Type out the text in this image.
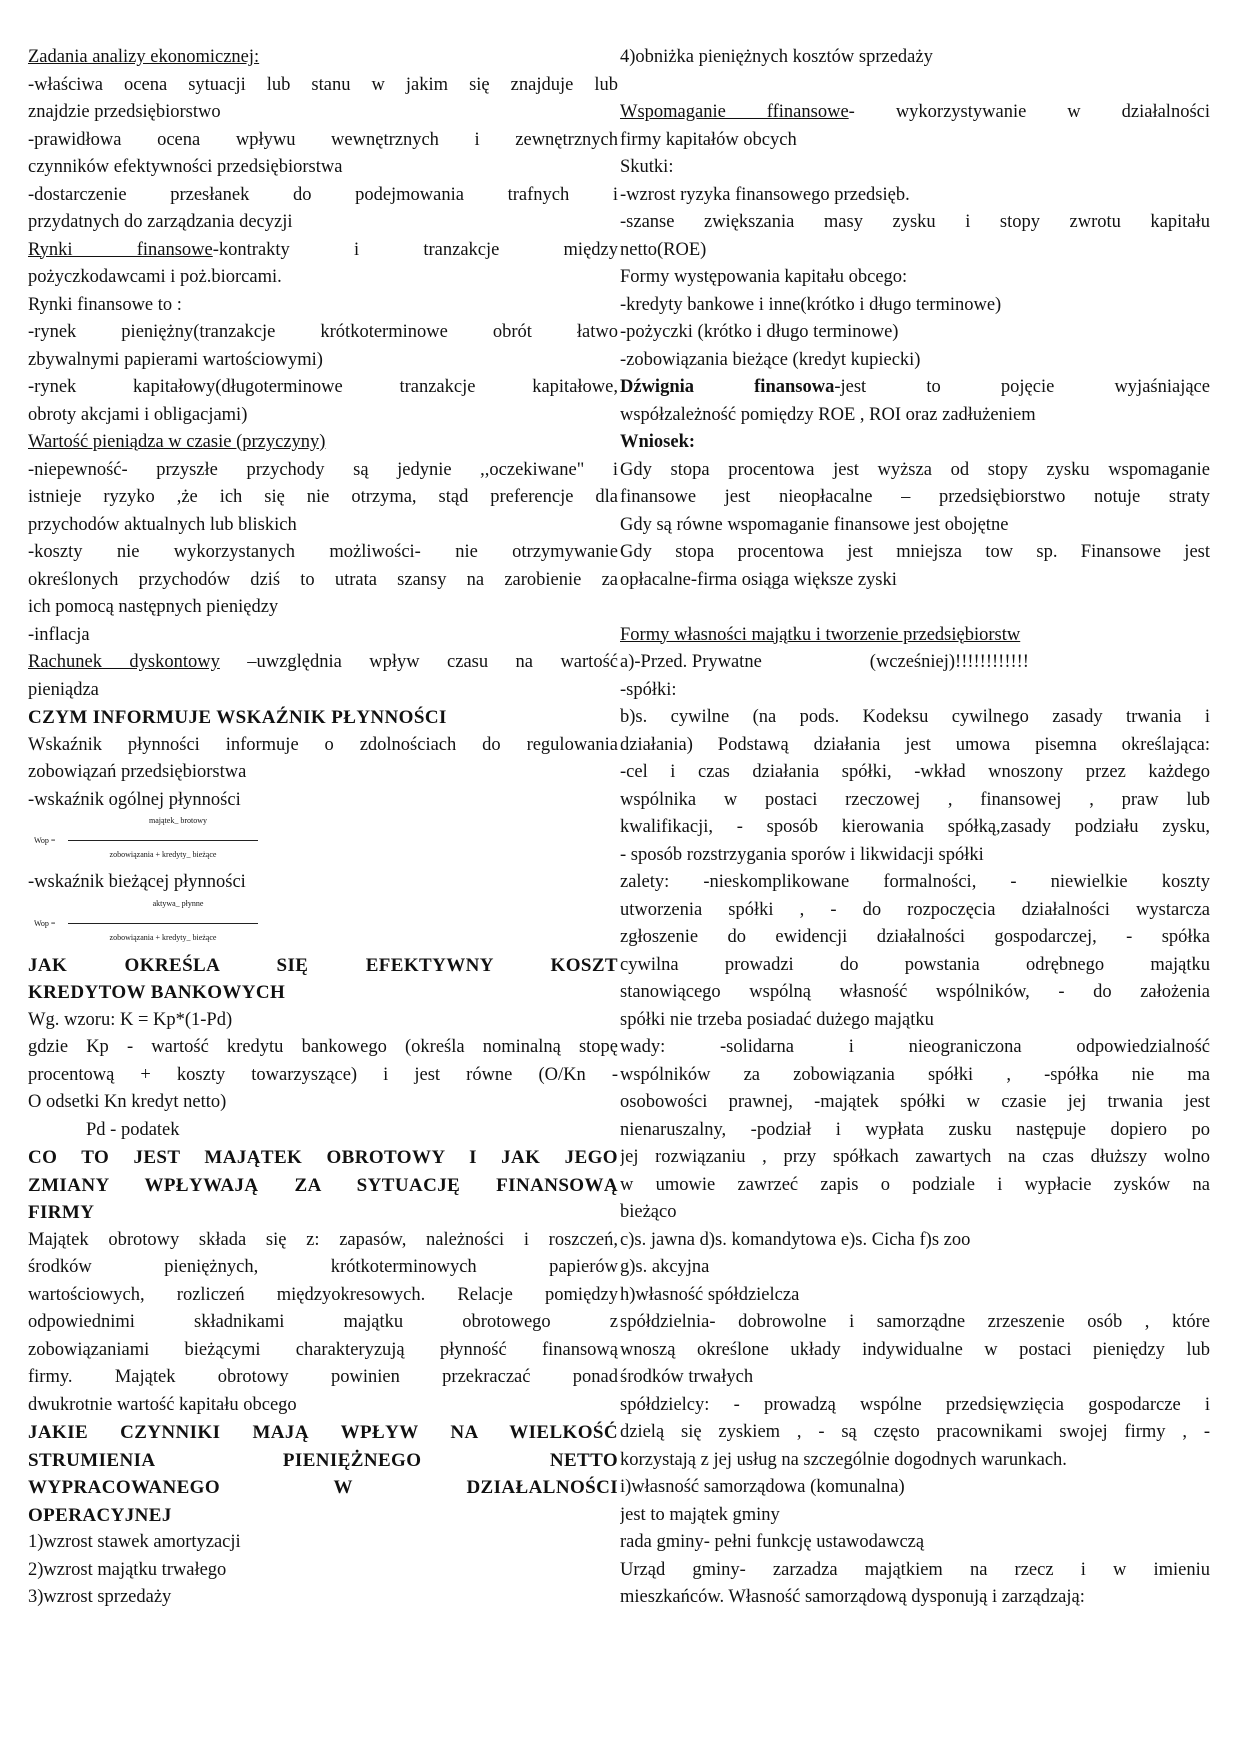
Zadania analizy ekonomicznej:
-właściwa ocena sytuacji lub stanu w jakim się znajduje lub
znajdzie przedsiębiorstwo
-prawidłowa ocena wpływu wewnętrznych i zewnętrznych
czynników efektywności przedsiębiorstwa
-dostarczenie przesłanek do podejmowania trafnych i
przydatnych do zarządzania decyzji
Rynki finansowe-kontrakty i tranzakcje między
pożyczkodawcami i poż.biorcami.
Rynki finansowe to :
-rynek pieniężny(tranzakcje krótkoterminowe obrót łatwo
zbywalnymi papierami wartościowymi)
-rynek kapitałowy(długoterminowe tranzakcje kapitałowe,
obroty akcjami i obligacjami)
Wartość pieniądza w czasie (przyczyny)
-niepewność- przyszłe przychody są jedynie ,,oczekiwane" i
istnieje ryzyko ,że ich się nie otrzyma, stąd preferencje dla
przychodów aktualnych lub bliskich
-koszty nie wykorzystanych możliwości- nie otrzymywanie
określonych przychodów dziś to utrata szansy na zarobienie za
ich pomocą następnych pieniędzy
-inflacja
Rachunek dyskontowy –uwzględnia wpływ czasu na wartość
pieniądza
CZYM INFORMUJE WSKAŹNIK PŁYNNOŚCI
Wskaźnik płynności informuje o zdolnościach do regulowania
zobowiązań przedsiębiorstwa
-wskaźnik ogólnej płynności
Wop =
majątek_ brotowy
zobowiązania + kredyty_ bieżące
-wskaźnik bieżącej płynności
Wop =
aktywa_ płynne
zobowiązania + kredyty_ bieżące
JAK OKREŚLA SIĘ EFEKTYWNY KOSZT
KREDYTOW BANKOWYCH
Wg. wzoru: K = Kp*(1-Pd)
gdzie Kp - wartość kredytu bankowego (określa nominalną stopę
procentową + koszty towarzyszące) i jest równe (O/Kn -
O odsetki Kn kredyt netto)
Pd - podatek
CO TO JEST MAJĄTEK OBROTOWY I JAK JEGO
ZMIANY WPŁYWAJĄ ZA SYTUACJĘ FINANSOWĄ
FIRMY
Majątek obrotowy składa się z: zapasów, należności i roszczeń,
środków pieniężnych, krótkoterminowych papierów
wartościowych, rozliczeń międzyokresowych. Relacje pomiędzy
odpowiednimi składnikami majątku obrotowego z
zobowiązaniami bieżącymi charakteryzują płynność finansową
firmy. Majątek obrotowy powinien przekraczać ponad
dwukrotnie wartość kapitału obcego
JAKIE CZYNNIKI MAJĄ WPŁYW NA WIELKOŚĆ
STRUMIENIA PIENIĘŻNEGO NETTO
WYPRACOWANEGO W DZIAŁALNOŚCI
OPERACYJNEJ
1)wzrost stawek amortyzacji
2)wzrost majątku trwałego
3)wzrost sprzedaży
4)obniżka pieniężnych kosztów sprzedaży
Wspomaganie ffinansowe- wykorzystywanie w działalności
firmy kapitałów obcych
Skutki:
-wzrost ryzyka finansowego przedsięb.
-szanse zwiększania masy zysku i stopy zwrotu kapitału
netto(ROE)
Formy występowania kapitału obcego:
-kredyty bankowe i inne(krótko i długo terminowe)
-pożyczki (krótko i długo terminowe)
-zobowiązania bieżące (kredyt kupiecki)
Dźwignia finansowa-jest to pojęcie wyjaśniające
współzależność pomiędzy ROE , ROI oraz zadłużeniem
Wniosek:
Gdy stopa procentowa jest wyższa od stopy zysku wspomaganie
finansowe jest nieopłacalne – przedsiębiorstwo notuje straty
Gdy są równe wspomaganie finansowe jest obojętne
Gdy stopa procentowa jest mniejsza tow sp. Finansowe jest
opłacalne-firma osiąga większe zyski
Formy własności majątku i tworzenie przedsiębiorstw
a)-Przed. Prywatne	(wcześniej)!!!!!!!!!!!!
-spółki:
b)s. cywilne (na pods. Kodeksu cywilnego zasady trwania i
działania) Podstawą działania jest umowa pisemna określająca:
-cel i czas działania spółki, -wkład wnoszony przez każdego
wspólnika w postaci rzeczowej , finansowej , praw lub
kwalifikacji, - sposób kierowania spółką,zasady podziału zysku,
- sposób rozstrzygania sporów i likwidacji spółki
zalety: -nieskomplikowane formalności, - niewielkie koszty
utworzenia spółki , - do rozpoczęcia działalności wystarcza
zgłoszenie do ewidencji działalności gospodarczej, - spółka
cywilna prowadzi do powstania odrębnego majątku
stanowiącego wspólną własność wspólników, - do założenia
spółki nie trzeba posiadać dużego majątku
wady: -solidarna i nieograniczona odpowiedzialność
wspólników za zobowiązania spółki , -spółka nie ma
osobowości prawnej, -majątek spółki w czasie jej trwania jest
nienaruszalny, -podział i wypłata zusku następuje dopiero po
jej rozwiązaniu , przy spółkach zawartych na czas dłuższy wolno
w umowie zawrzeć zapis o podziale i wypłacie zysków na
bieżąco
c)s. jawna d)s. komandytowa e)s. Cicha f)s zoo
g)s. akcyjna
h)własność spółdzielcza
spółdzielnia- dobrowolne i samorządne zrzeszenie osób , które
wnoszą określone układy indywidualne w postaci pieniędzy lub
środków trwałych
spółdzielcy: - prowadzą wspólne przedsięwzięcia gospodarcze i
dzielą się zyskiem , - są często pracownikami swojej firmy , -
korzystają z jej usług na szczególnie dogodnych warunkach.
i)własność samorządowa (komunalna)
jest to majątek gminy
rada gminy- pełni funkcję ustawodawczą
Urząd gminy- zarzadza majątkiem na rzecz i w imieniu
mieszkańców. Własność samorządową dysponują i zarządzają:
